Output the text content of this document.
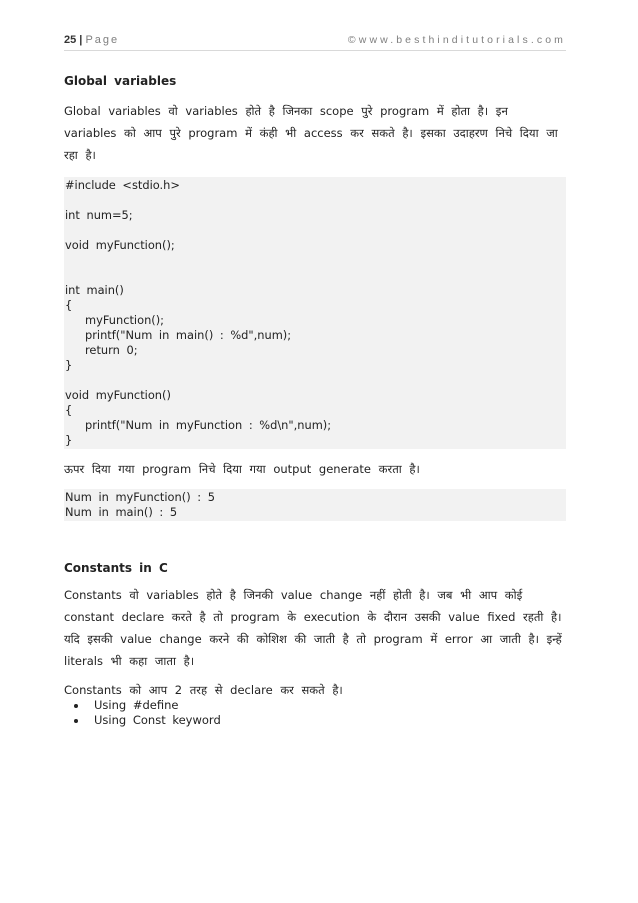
25 | Page	©www.besthinditutorials.com
Global variables

Global variables वो variables होते है जिनका scope पुरे program में होता है। इन variables को आप पुरे program में कंही भी access कर सकते है। इसका उदाहरण निचे दिया जा रहा है।

#include <stdio.h>
int num=5;
void myFunction();
int main()
{
myFunction();
printf("Num in main() : %d",num);
return 0;
}
void myFunction()
{
printf("Num in myFunction : %d\n",num);
}

ऊपर दिया गया program निचे दिया गया output generate करता है।

Num in myFunction() : 5
Num in main() : 5
Constants in C

Constants वो variables होते है जिनकी value change नहीं होती है। जब भी आप कोई constant declare करते है तो program के execution के दौरान उसकी value fixed रहती है। यदि इसकी value change करने की कोशिश की जाती है तो program में error आ जाती है। इन्हें literals भी कहा जाता है।

Constants को आप 2 तरह से declare कर सकते है।

• Using #define
• Using Const keyword
